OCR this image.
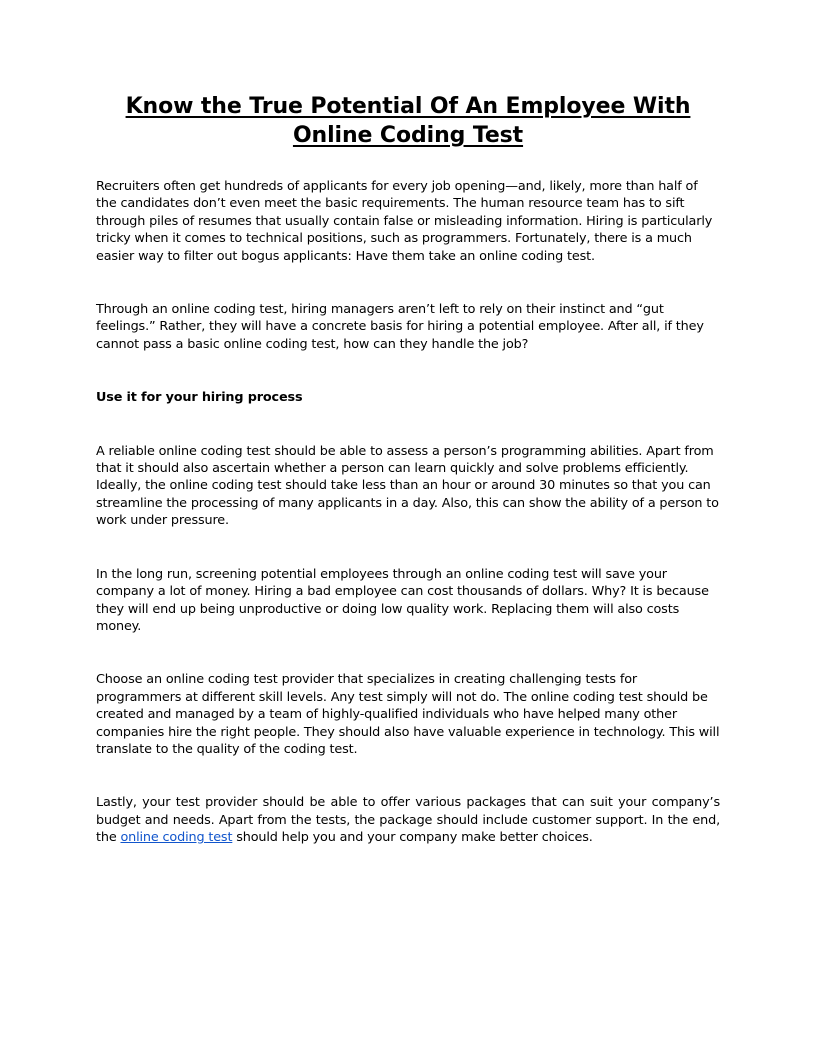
Know the True Potential Of An Employee With
Online Coding Test

Recruiters often get hundreds of applicants for every job opening—and, likely, more than half of the candidates don’t even meet the basic requirements. The human resource team has to sift through piles of resumes that usually contain false or misleading information. Hiring is particularly tricky when it comes to technical positions, such as programmers. Fortunately, there is a much easier way to filter out bogus applicants: Have them take an online coding test.

Through an online coding test, hiring managers aren’t left to rely on their instinct and “gut feelings.” Rather, they will have a concrete basis for hiring a potential employee. After all, if they cannot pass a basic online coding test, how can they handle the job?

Use it for your hiring process

A reliable online coding test should be able to assess a person’s programming abilities. Apart from that it should also ascertain whether a person can learn quickly and solve problems efficiently. Ideally, the online coding test should take less than an hour or around 30 minutes so that you can streamline the processing of many applicants in a day. Also, this can show the ability of a person to work under pressure.

In the long run, screening potential employees through an online coding test will save your company a lot of money. Hiring a bad employee can cost thousands of dollars. Why? It is because they will end up being unproductive or doing low quality work. Replacing them will also costs money.

Choose an online coding test provider that specializes in creating challenging tests for programmers at different skill levels. Any test simply will not do. The online coding test should be created and managed by a team of highly-qualified individuals who have helped many other companies hire the right people. They should also have valuable experience in technology. This will translate to the quality of the coding test.

Lastly, your test provider should be able to offer various packages that can suit your company’s budget and needs. Apart from the tests, the package should include customer support. In the end, the online coding test should help you and your company make better choices.
